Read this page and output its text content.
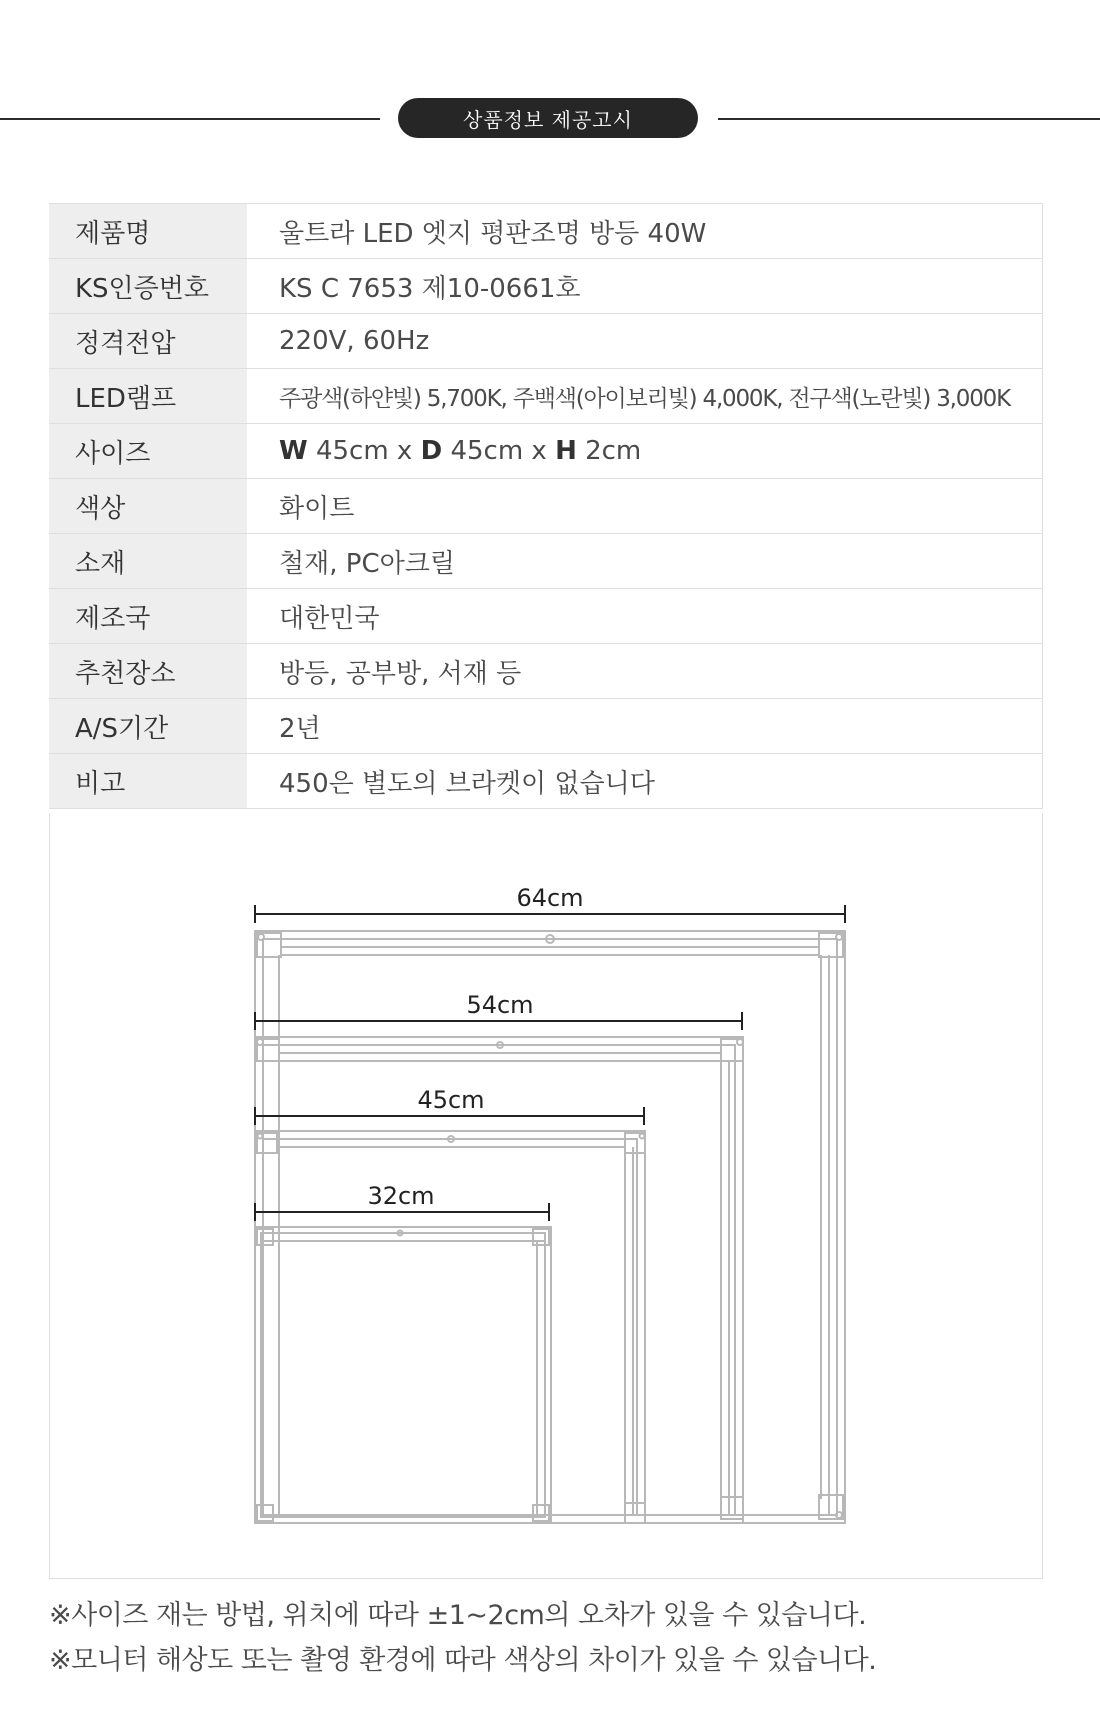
상품정보 제공고시
제품명	울트라 LED 엣지 평판조명 방등 40W
KS인증번호	KS C 7653 제10-0661호
정격전압	220V, 60Hz
LED램프	주광색(하얀빛) 5,700K, 주백색(아이보리빛) 4,000K, 전구색(노란빛) 3,000K
사이즈	W 45cm x D 45cm x H 2cm
색상	화이트
소재	철재, PC아크릴
제조국	대한민국
추천장소	방등, 공부방, 서재 등
A/S기간	2년
비고	450은 별도의 브라켓이 없습니다
64cm
54cm
45cm
32cm
※사이즈 재는 방법, 위치에 따라 ±1~2cm의 오차가 있을 수 있습니다.
※모니터 해상도 또는 촬영 환경에 따라 색상의 차이가 있을 수 있습니다.
